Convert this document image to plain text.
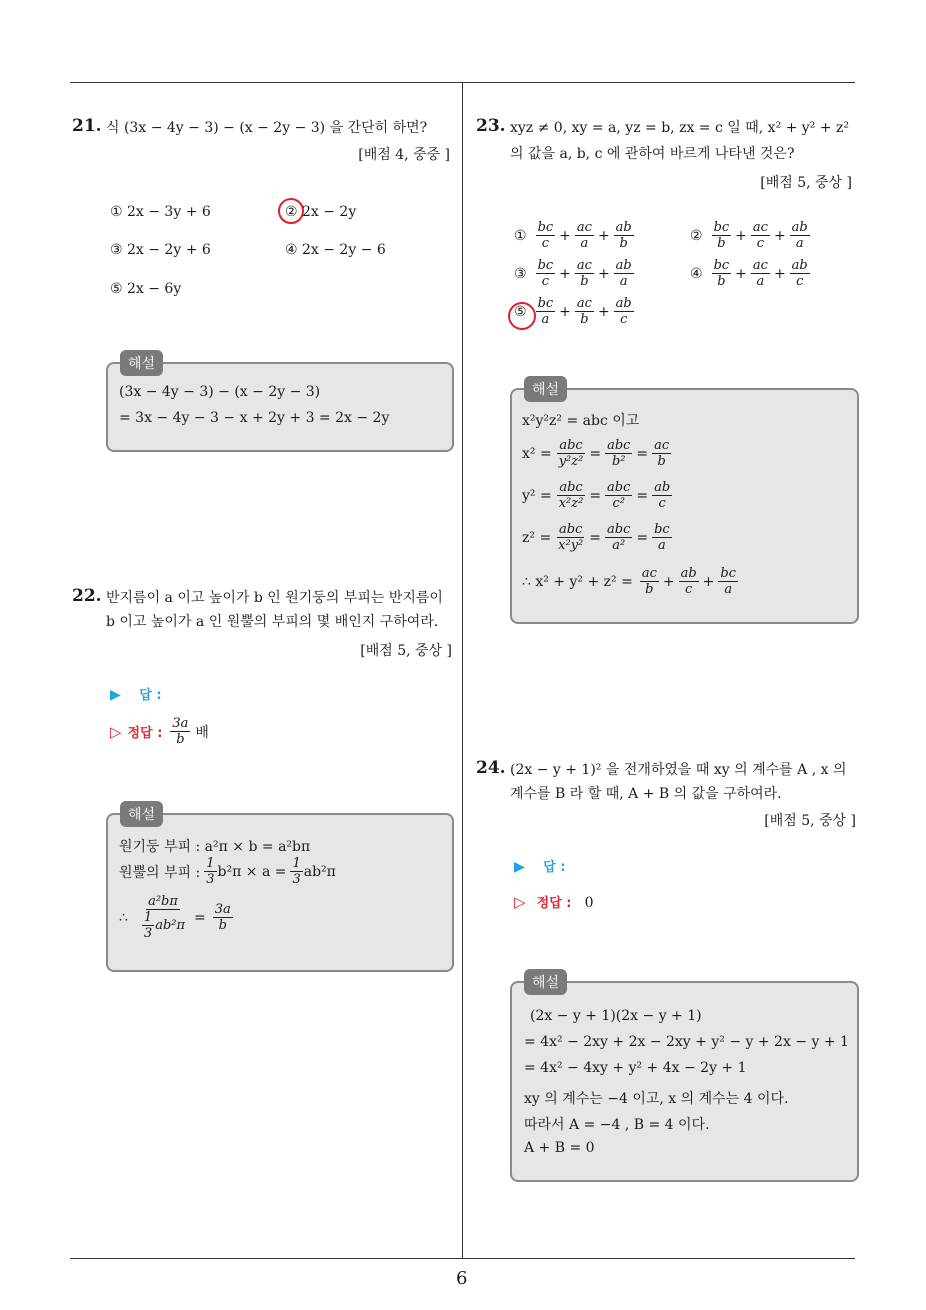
6
21. 식 (3x − 4y − 3) − (x − 2y − 3) 을 간단히 하면?
[배점 4, 중중 ]
① 2x − 3y + 6	② 2x − 2y
③ 2x − 2y + 6	④ 2x − 2y − 6
⑤ 2x − 6y
해설
(3x − 4y − 3) − (x − 2y − 3)
= 3x − 4y − 3 − x + 2y + 3 = 2x − 2y
22. 반지름이 a 이고 높이가 b 인 원기둥의 부피는 반지름이
b 이고 높이가 a 인 원뿔의 부피의 몇 배인지 구하여라.
[배점 5, 중상 ]
▶ 답 :
▷ 정답 : $\frac{3a}{b}$ 배
해설
원기둥 부피 : a²π × b = a²bπ
원뿔의 부피 : $\frac{1}{3} b^2\pi \times a = \frac{1}{3} ab^2\pi$
∴ $\frac{\text{a²bπ}}{\frac{1}{3} ab^2\pi} = \frac{3a}{b}$
23. xyz ≠ 0, xy = a, yz = b, zx = c 일 때, x² + y² + z²
의 값을 a, b, c 에 관하여 바르게 나타낸 것은?
[배점 5, 중상 ]
① $\frac{bc}{c} + \frac{ac}{a} + \frac{ab}{b}$	② $\frac{bc}{b} + \frac{ac}{c} + \frac{ab}{a}$
③ $\frac{bc}{c} + \frac{ac}{b} + \frac{ab}{a}$	④ $\frac{bc}{b} + \frac{ac}{a} + \frac{ab}{c}$
⑤ $\frac{bc}{a} + \frac{ac}{b} + \frac{ab}{c}$
해설
x²y²z² = abc 이고
$x^2 = \frac{\text{abc}}{\text{y²z²}} = \frac{\text{abc}}{\text{b²}} = \frac{ac}{b}$
$y^2 = \frac{\text{abc}}{\text{x²z²}} = \frac{\text{abc}}{\text{c²}} = \frac{ab}{c}$
$z^2 = \frac{\text{abc}}{\text{x²y²}} = \frac{\text{abc}}{\text{a²}} = \frac{bc}{a}$
∴ $x^2 + y^2 + z^2 = \frac{ac}{b} + \frac{ab}{c} + \frac{bc}{a}$
24. (2x − y + 1)² 을 전개하였을 때 xy 의 계수를 A , x 의
계수를 B 라 할 때, A + B 의 값을 구하여라.
[배점 5, 중상 ]
▶ 답 :
▷ 정답 : 0
해설
(2x − y + 1)(2x − y + 1)
= 4x² − 2xy + 2x − 2xy + y² − y + 2x − y + 1
= 4x² − 4xy + y² + 4x − 2y + 1
xy 의 계수는 −4 이고, x 의 계수는 4 이다.
따라서 A = −4 , B = 4 이다.
A + B = 0
